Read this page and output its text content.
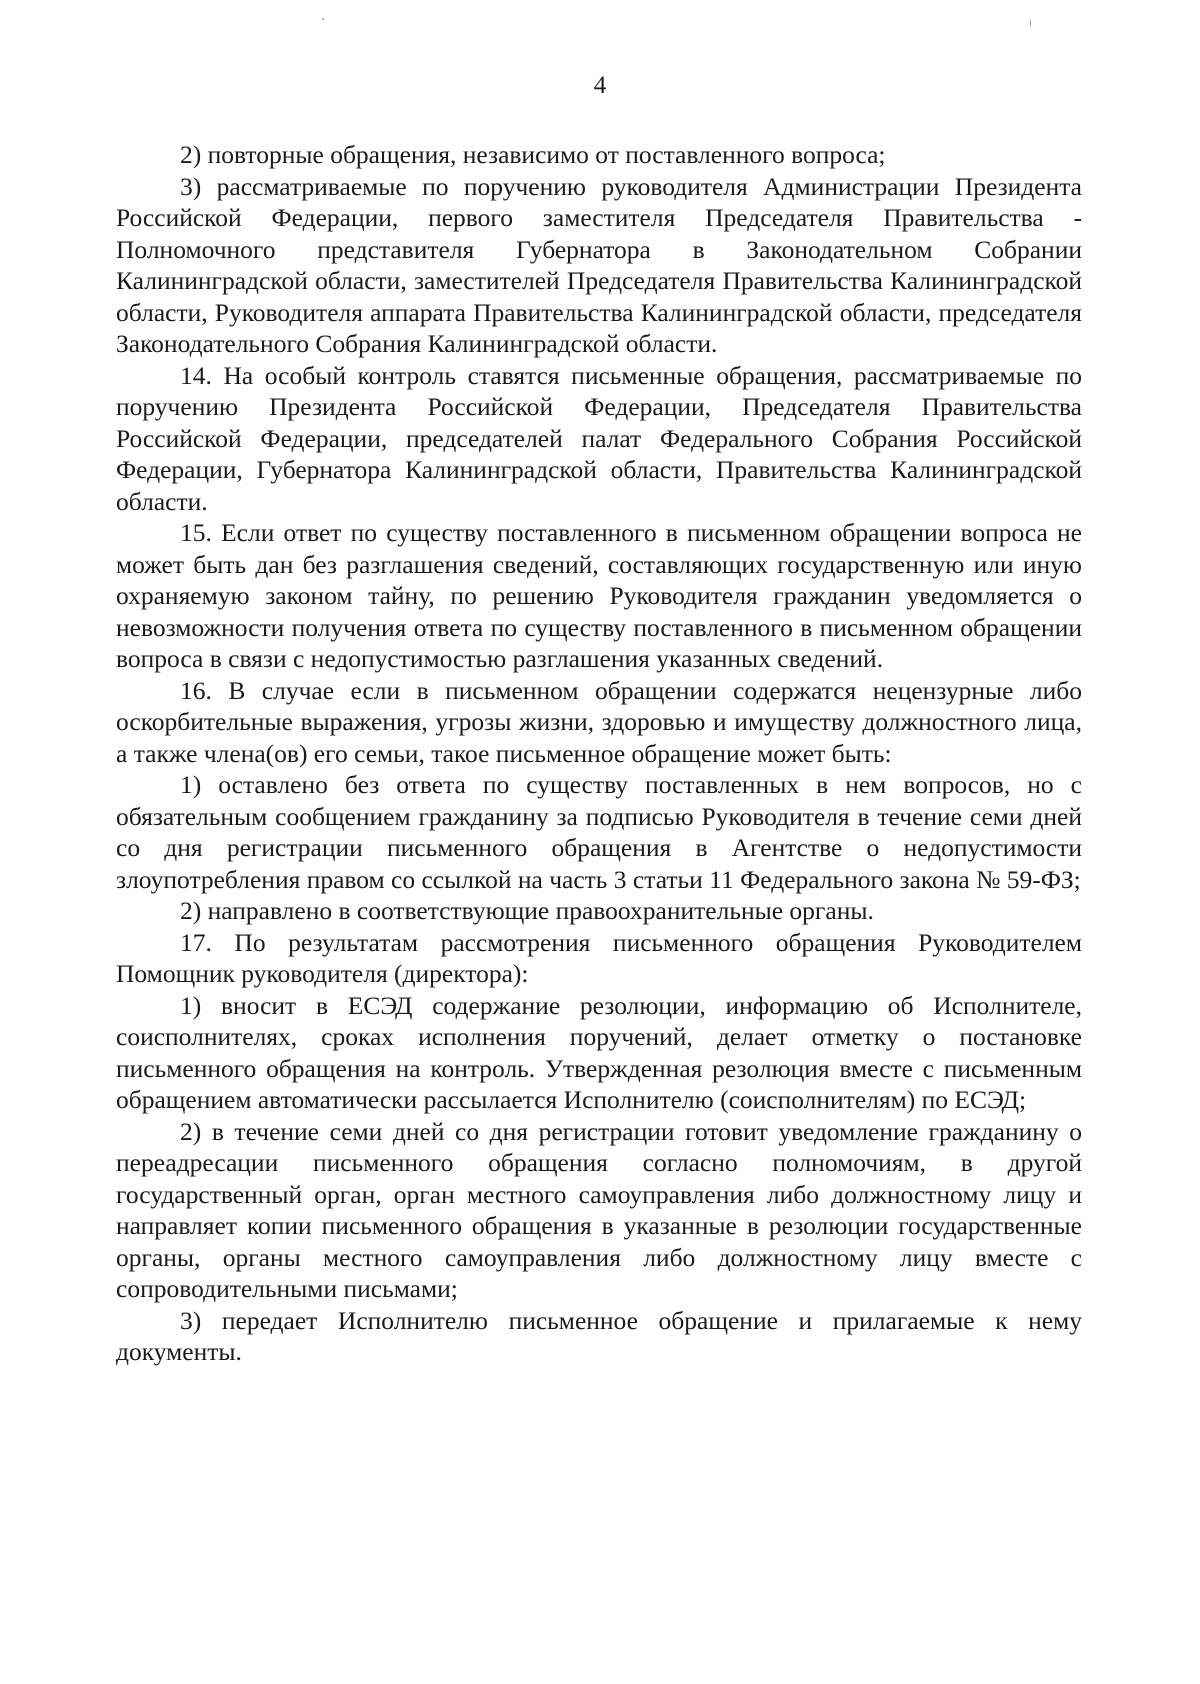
4

2) повторные обращения, независимо от поставленного вопроса;

3) рассматриваемые по поручению руководителя Администрации Президента Российской Федерации, первого заместителя Председателя Правительства - Полномочного представителя Губернатора в Законодательном Собрании Калининградской области, заместителей Председателя Правительства Калининградской области, Руководителя аппарата Правительства Калининградской области, председателя Законодательного Собрания Калининградской области.

14. На особый контроль ставятся письменные обращения, рассматриваемые по поручению Президента Российской Федерации, Председателя Правительства Российской Федерации, председателей палат Федерального Собрания Российской Федерации, Губернатора Калининградской области, Правительства Калининградской области.

15. Если ответ по существу поставленного в письменном обращении вопроса не может быть дан без разглашения сведений, составляющих государственную или иную охраняемую законом тайну, по решению Руководителя гражданин уведомляется о невозможности получения ответа по существу поставленного в письменном обращении вопроса в связи с недопустимостью разглашения указанных сведений.

16. В случае если в письменном обращении содержатся нецензурные либо оскорбительные выражения, угрозы жизни, здоровью и имуществу должностного лица, а также члена(ов) его семьи, такое письменное обращение может быть:

1) оставлено без ответа по существу поставленных в нем вопросов, но с обязательным сообщением гражданину за подписью Руководителя в течение семи дней со дня регистрации письменного обращения в Агентстве о недопустимости злоупотребления правом со ссылкой на часть 3 статьи 11 Федерального закона № 59-ФЗ;

2) направлено в соответствующие правоохранительные органы.

17. По результатам рассмотрения письменного обращения Руководителем Помощник руководителя (директора):

1) вносит в ЕСЭД содержание резолюции, информацию об Исполнителе, соисполнителях, сроках исполнения поручений, делает отметку о постановке письменного обращения на контроль. Утвержденная резолюция вместе с письменным обращением автоматически рассылается Исполнителю (соисполнителям) по ЕСЭД;

2) в течение семи дней со дня регистрации готовит уведомление гражданину о переадресации письменного обращения согласно полномочиям, в другой государственный орган, орган местного самоуправления либо должностному лицу и направляет копии письменного обращения в указанные в резолюции государственные органы, органы местного самоуправления либо должностному лицу вместе с сопроводительными письмами;

3) передает Исполнителю письменное обращение и прилагаемые к нему документы.
